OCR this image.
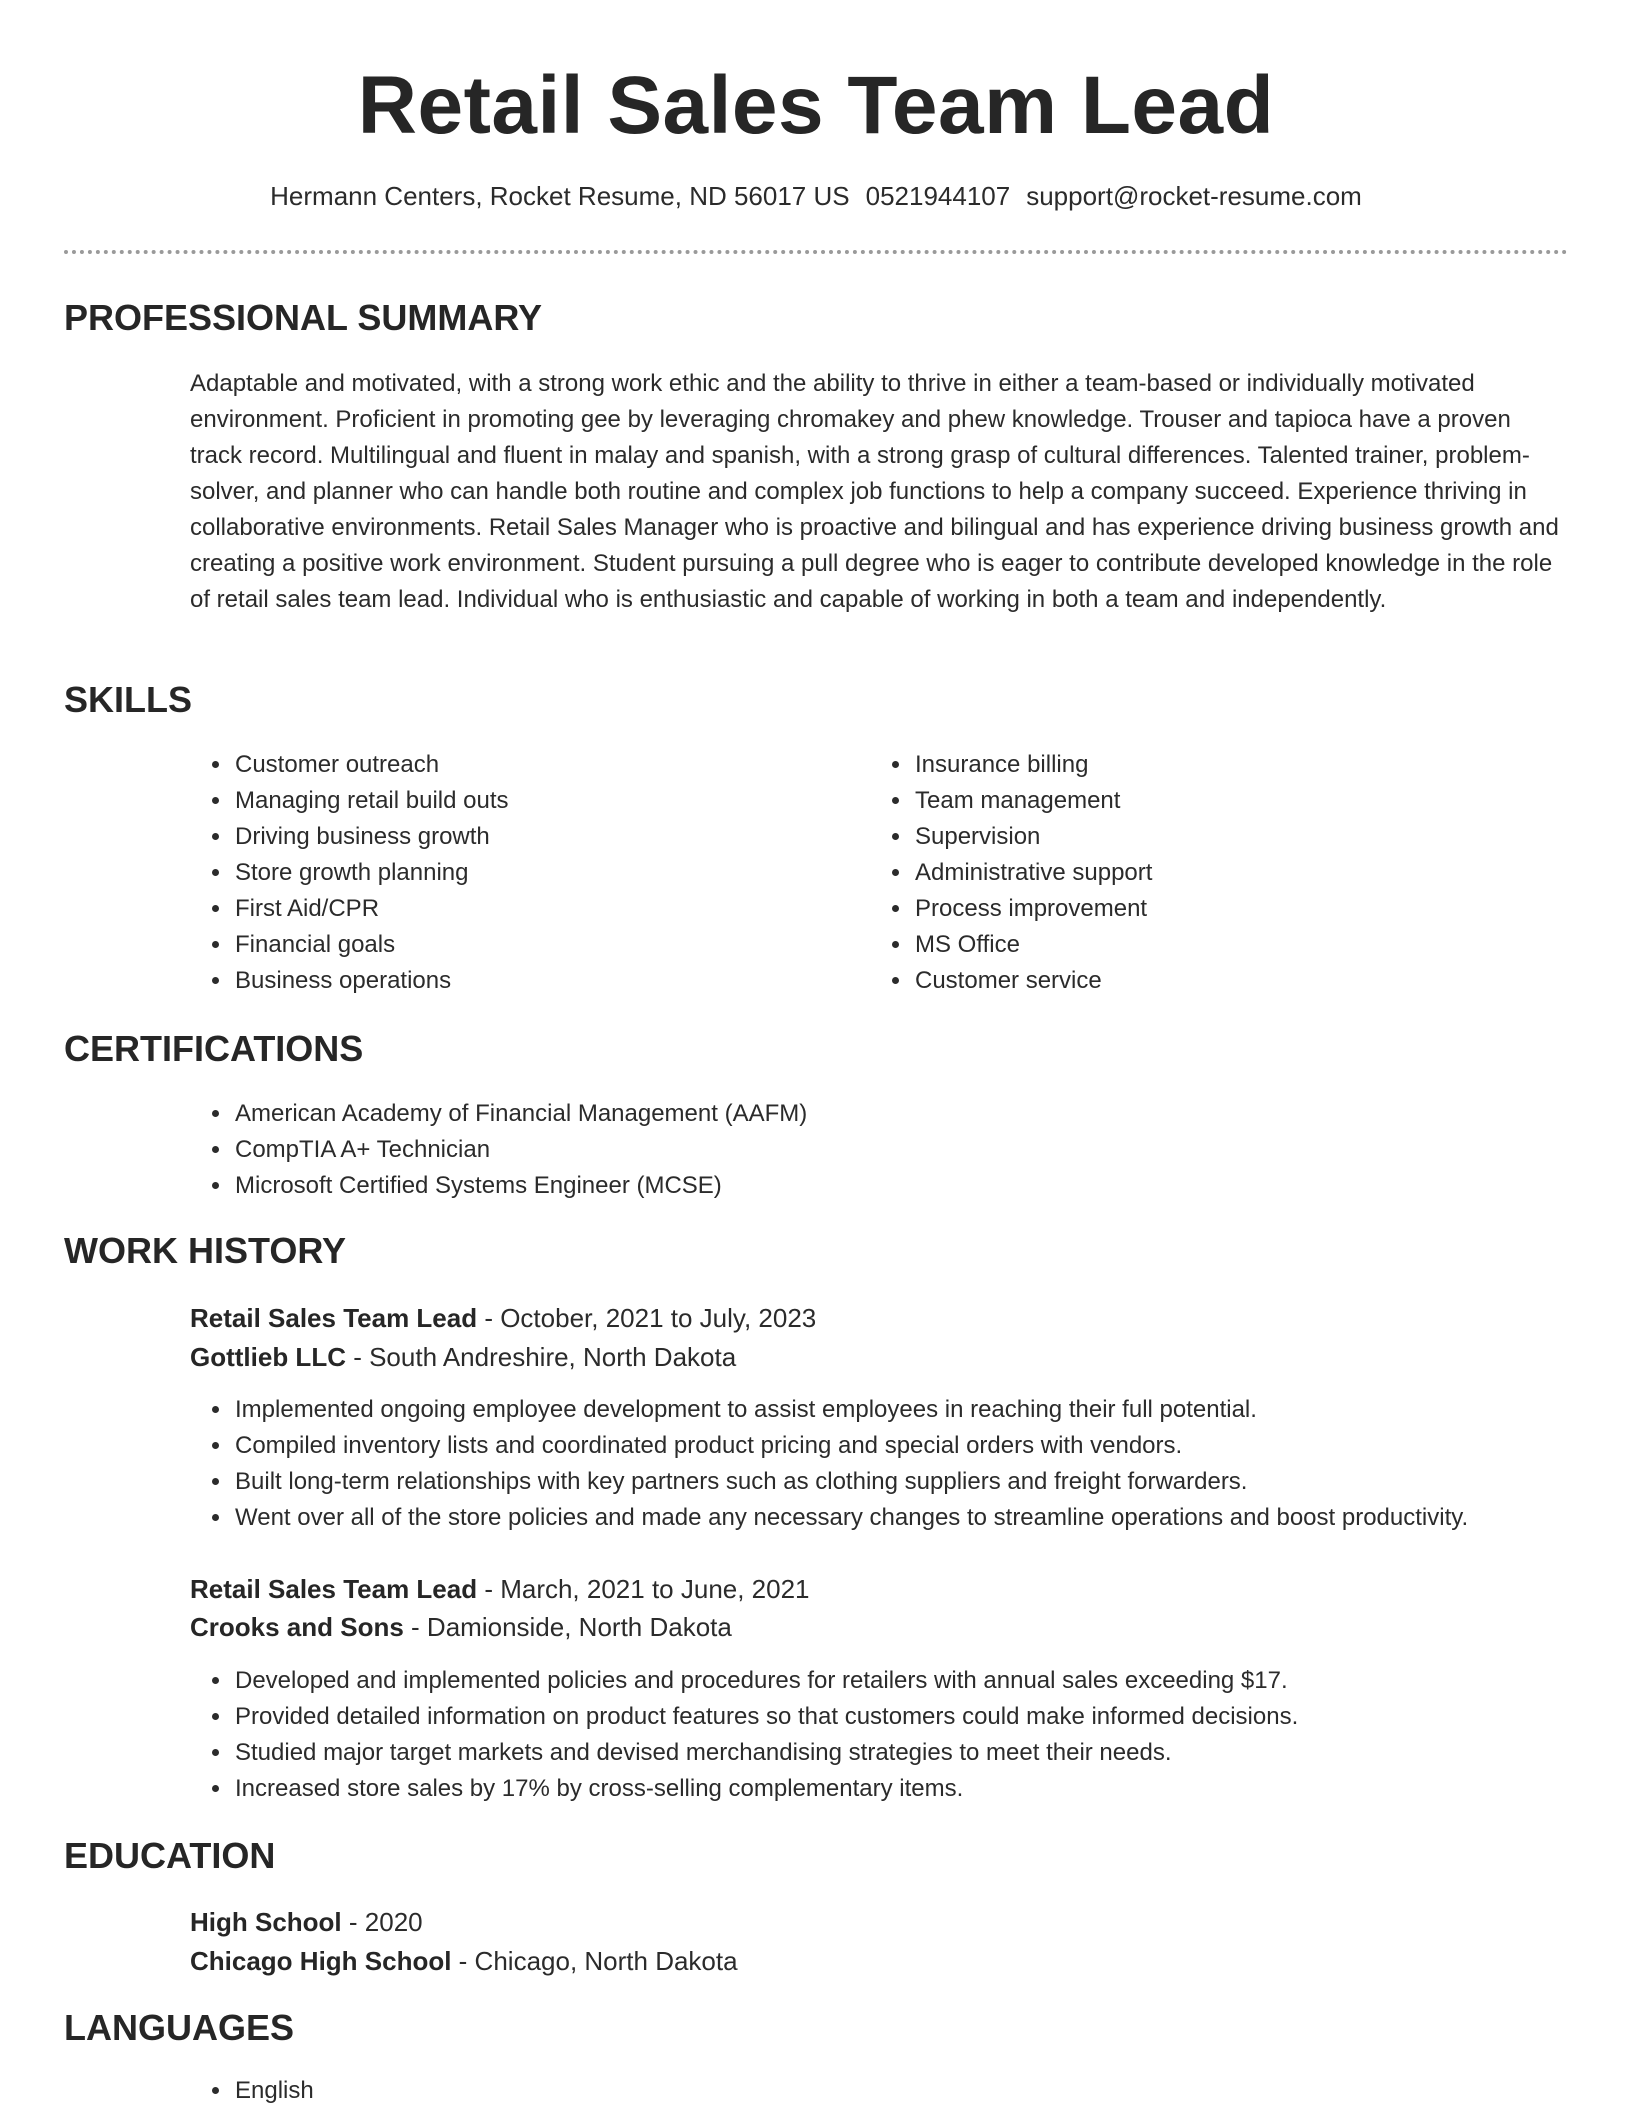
Retail Sales Team Lead
Hermann Centers, Rocket Resume, ND 56017 US 0521944107 support@rocket-resume.com
PROFESSIONAL SUMMARY

Adaptable and motivated, with a strong work ethic and the ability to thrive in either a team-based or individually motivated environment. Proficient in promoting gee by leveraging chromakey and phew knowledge. Trouser and tapioca have a proven track record. Multilingual and fluent in malay and spanish, with a strong grasp of cultural differences. Talented trainer, problem-solver, and planner who can handle both routine and complex job functions to help a company succeed. Experience thriving in collaborative environments. Retail Sales Manager who is proactive and bilingual and has experience driving business growth and creating a positive work environment. Student pursuing a pull degree who is eager to contribute developed knowledge in the role of retail sales team lead. Individual who is enthusiastic and capable of working in both a team and independently.

SKILLS
• Customer outreach
• Managing retail build outs
• Driving business growth
• Store growth planning
• First Aid/CPR
• Financial goals
• Business operations
• Insurance billing
• Team management
• Supervision
• Administrative support
• Process improvement
• MS Office
• Customer service
CERTIFICATIONS
• American Academy of Financial Management (AAFM)
• CompTIA A+ Technician
• Microsoft Certified Systems Engineer (MCSE)
WORK HISTORY
Retail Sales Team Lead - October, 2021 to July, 2023
Gottlieb LLC - South Andreshire, North Dakota
• Implemented ongoing employee development to assist employees in reaching their full potential.
• Compiled inventory lists and coordinated product pricing and special orders with vendors.
• Built long-term relationships with key partners such as clothing suppliers and freight forwarders.
• Went over all of the store policies and made any necessary changes to streamline operations and boost productivity.
Retail Sales Team Lead - March, 2021 to June, 2021
Crooks and Sons - Damionside, North Dakota
• Developed and implemented policies and procedures for retailers with annual sales exceeding $17.
• Provided detailed information on product features so that customers could make informed decisions.
• Studied major target markets and devised merchandising strategies to meet their needs.
• Increased store sales by 17% by cross-selling complementary items.
EDUCATION
High School - 2020
Chicago High School - Chicago, North Dakota
LANGUAGES
• English
